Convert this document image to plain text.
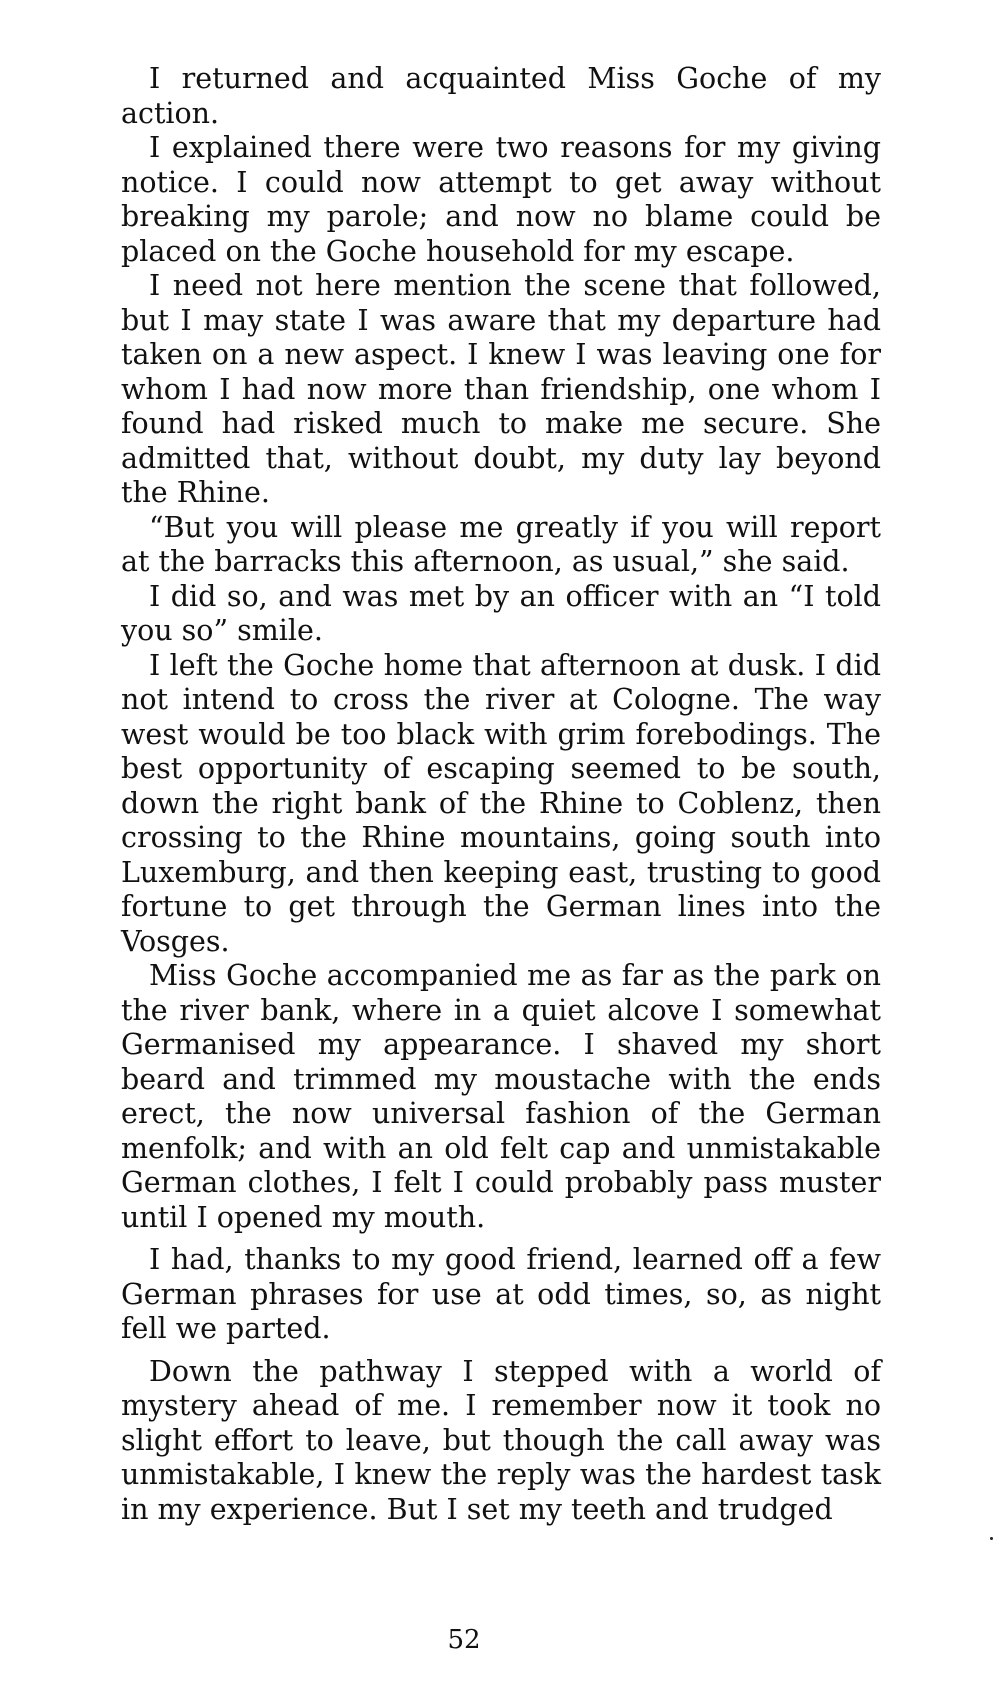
I returned and acquainted Miss Goche of my action.

I explained there were two reasons for my giving notice. I could now attempt to get away without breaking my parole; and now no blame could be placed on the Goche household for my escape.

I need not here mention the scene that followed, but I may state I was aware that my departure had taken on a new aspect. I knew I was leaving one for whom I had now more than friendship, one whom I found had risked much to make me secure. She admitted that, without doubt, my duty lay beyond the Rhine.

“But you will please me greatly if you will report at the barracks this afternoon, as usual,” she said.

I did so, and was met by an officer with an “I told you so” smile.

I left the Goche home that afternoon at dusk. I did not intend to cross the river at Cologne. The way west would be too black with grim forebodings. The best opportunity of escaping seemed to be south, down the right bank of the Rhine to Coblenz, then crossing to the Rhine mountains, going south into Luxemburg, and then keeping east, trusting to good fortune to get through the German lines into the Vosges.

Miss Goche accompanied me as far as the park on the river bank, where in a quiet alcove I somewhat Germanised my appearance. I shaved my short beard and trimmed my moustache with the ends erect, the now universal fashion of the German menfolk; and with an old felt cap and unmistakable German clothes, I felt I could probably pass muster until I opened my mouth.

I had, thanks to my good friend, learned off a few German phrases for use at odd times, so, as night fell we parted.

Down the pathway I stepped with a world of mystery ahead of me. I remember now it took no slight effort to leave, but though the call away was unmistakable, I knew the reply was the hardest task in my experience. But I set my teeth and trudged

52
